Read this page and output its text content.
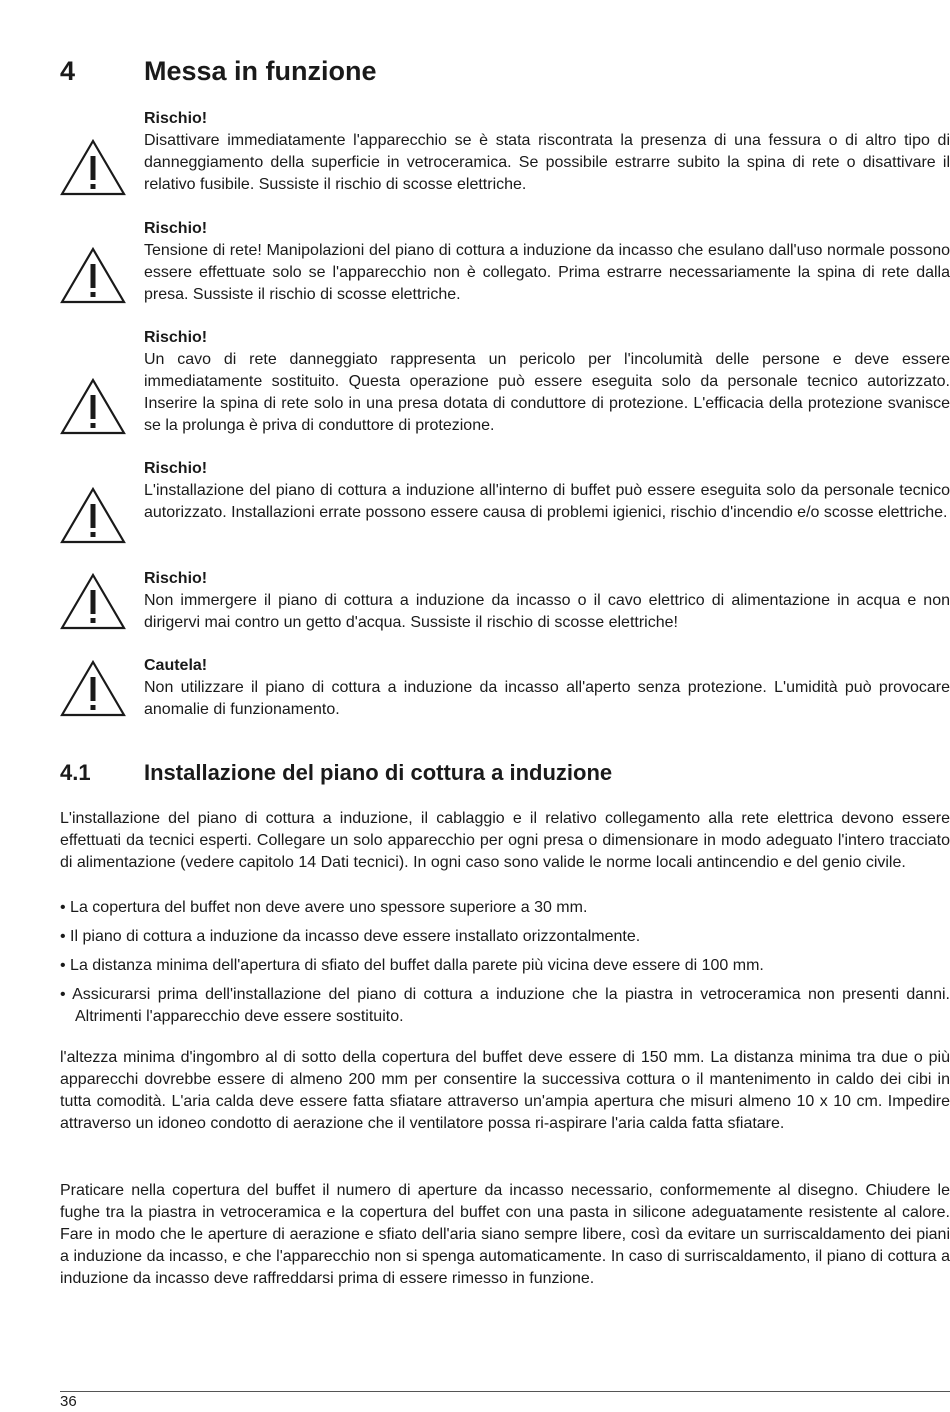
4	Messa in funzione
Rischio!
Disattivare immediatamente l'apparecchio se è stata riscontrata la presenza di una fessura o di altro tipo di danneggiamento della superficie in vetroceramica. Se possibile estrarre subito la spina di rete o disattivare il relativo fusibile. Sussiste il rischio di scosse elettriche.
Rischio!
Tensione di rete! Manipolazioni del piano di cottura a induzione da incasso che esulano dall'uso normale possono essere effettuate solo se l'apparecchio non è collegato. Prima estrarre necessariamente la spina di rete dalla presa. Sussiste il rischio di scosse elettriche.
Rischio!
Un cavo di rete danneggiato rappresenta un pericolo per l'incolumità delle persone e deve essere immediatamente sostituito. Questa operazione può essere eseguita solo da personale tecnico autorizzato. Inserire la spina di rete solo in una presa dotata di conduttore di protezione. L'efficacia della protezione svanisce se la prolunga è priva di conduttore di protezione.
Rischio!
L'installazione del piano di cottura a induzione all'interno di buffet può essere eseguita solo da personale tecnico autorizzato. Installazioni errate possono essere causa di problemi igienici, rischio d'incendio e/o scosse elettriche.
Rischio!
Non immergere il piano di cottura a induzione da incasso o il cavo elettrico di alimentazione in acqua e non dirigervi mai contro un getto d'acqua. Sussiste il rischio di scosse elettriche!
Cautela!
Non utilizzare il piano di cottura a induzione da incasso all'aperto senza protezione. L'umidità può provocare anomalie di funzionamento.
4.1 Installazione del piano di cottura a induzione

L'installazione del piano di cottura a induzione, il cablaggio e il relativo collegamento alla rete elettrica devono essere effettuati da tecnici esperti. Collegare un solo apparecchio per ogni presa o dimensionare in modo adeguato l'intero tracciato di alimentazione (vedere capitolo 14 Dati tecnici). In ogni caso sono valide le norme locali antincendio e del genio civile.

• La copertura del buffet non deve avere uno spessore superiore a 30 mm.
• Il piano di cottura a induzione da incasso deve essere installato orizzontalmente.
• La distanza minima dell'apertura di sfiato del buffet dalla parete più vicina deve essere di 100 mm.
• Assicurarsi prima dell'installazione del piano di cottura a induzione che la piastra in vetroceramica non presenti danni. Altrimenti l'apparecchio deve essere sostituito.

l'altezza minima d'ingombro al di sotto della copertura del buffet deve essere di 150 mm. La distanza minima tra due o più apparecchi dovrebbe essere di almeno 200 mm per consentire la successiva cottura o il mantenimento in caldo dei cibi in tutta comodità. L'aria calda deve essere fatta sfiatare attraverso un'ampia apertura che misuri almeno 10 x 10 cm. Impedire attraverso un idoneo condotto di aerazione che il ventilatore possa ri-aspirare l'aria calda fatta sfiatare.

Praticare nella copertura del buffet il numero di aperture da incasso necessario, conformemente al disegno. Chiudere le fughe tra la piastra in vetroceramica e la copertura del buffet con una pasta in silicone adeguatamente resistente al calore. Fare in modo che le aperture di aerazione e sfiato dell'aria siano sempre libere, così da evitare un surriscaldamento dei piani a induzione da incasso, e che l'apparecchio non si spenga automaticamente. In caso di surriscaldamento, il piano di cottura a induzione da incasso deve raffreddarsi prima di essere rimesso in funzione.

36
